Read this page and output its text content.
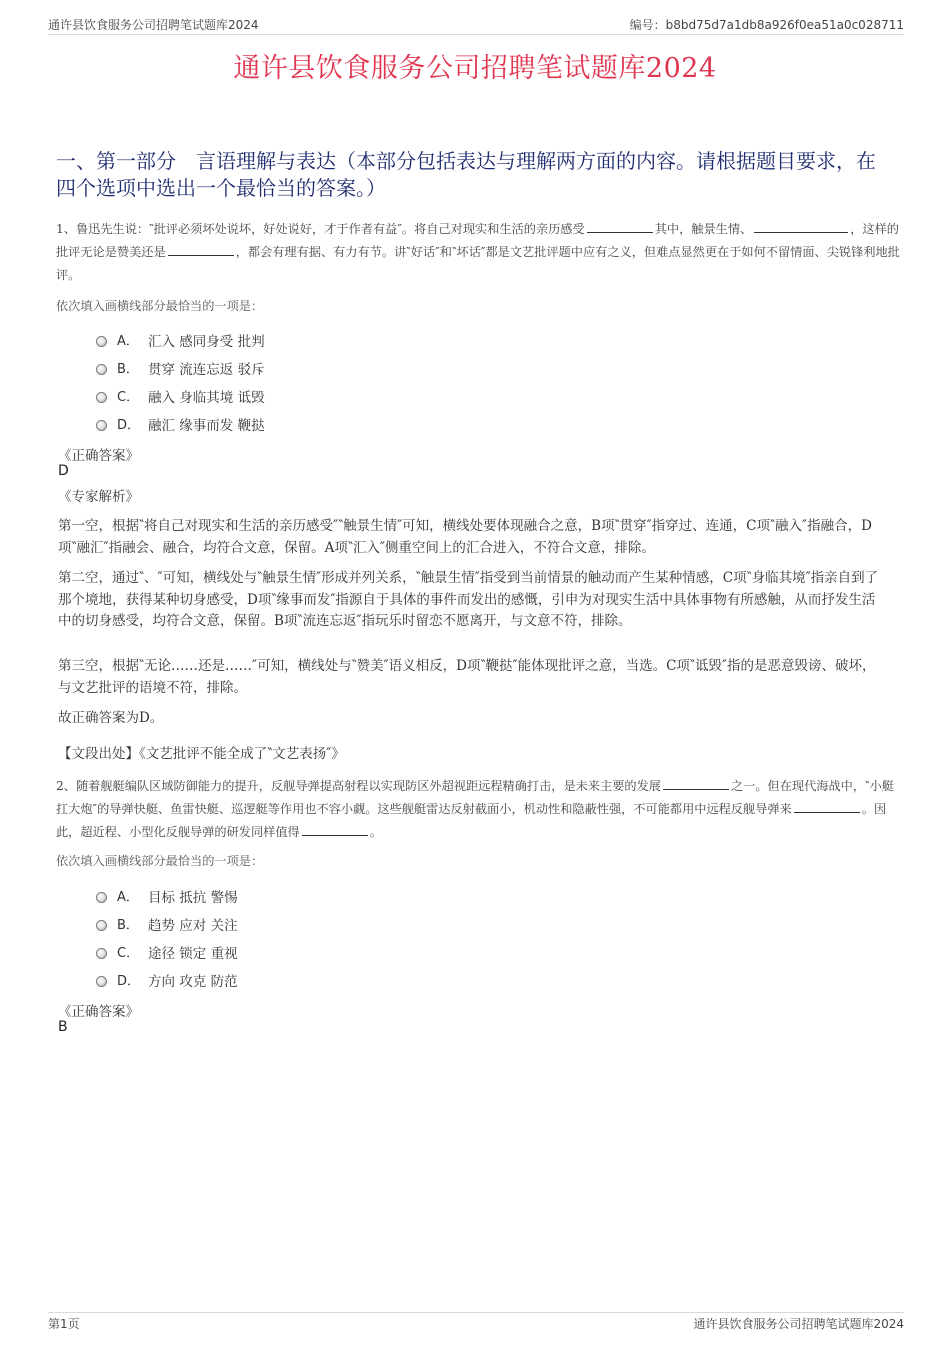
通许县饮食服务公司招聘笔试题库2024	编号：b8bd75d7a1db8a926f0ea51a0c028711
通许县饮食服务公司招聘笔试题库2024
一、第一部分　言语理解与表达（本部分包括表达与理解两方面的内容。请根据题目要求，在四个选项中选出一个最恰当的答案。）
1、鲁迅先生说：‶批评必须坏处说坏，好处说好，才于作者有益″。将自己对现实和生活的亲历感受	其中，触景生情、	，这样的批评无论是赞美还是	，都会有理有据、有力有节。讲‶好话″和‶坏话″都是文艺批评题中应有之义，但难点显然更在于如何不留情面、尖锐锋利地批评。
依次填入画横线部分最恰当的一项是：
A． 汇入 感同身受 批判
B． 贯穿 流连忘返 驳斥
C． 融入 身临其境 诋毁
D． 融汇 缘事而发 鞭挞
《正确答案》
D
《专家解析》
第一空，根据‶将自己对现实和生活的亲历感受″‶触景生情″可知，横线处要体现融合之意，B项‶贯穿″指穿过、连通，C项‶融入″指融合，D项‶融汇″指融会、融合，均符合文意，保留。A项‶汇入″侧重空间上的汇合进入，不符合文意，排除。
第二空，通过‶、″可知，横线处与‶触景生情″形成并列关系，‶触景生情″指受到当前情景的触动而产生某种情感，C项‶身临其境″指亲自到了那个境地，获得某种切身感受，D项‶缘事而发″指源自于具体的事件而发出的感慨，引申为对现实生活中具体事物有所感触，从而抒发生活中的切身感受，均符合文意，保留。B项‶流连忘返″指玩乐时留恋不愿离开，与文意不符，排除。
第三空，根据‶无论……还是……″可知，横线处与‶赞美″语义相反，D项‶鞭挞″能体现批评之意，当选。C项‶诋毁″指的是恶意毁谤、破坏，与文艺批评的语境不符，排除。
故正确答案为D。
【文段出处】《文艺批评不能全成了‶文艺表扬″》
2、随着舰艇编队区域防御能力的提升，反舰导弹提高射程以实现防区外超视距远程精确打击，是未来主要的发展	之一。但在现代海战中，‶小艇扛大炮″的导弹快艇、鱼雷快艇、巡逻艇等作用也不容小觑。这些舰艇雷达反射截面小，机动性和隐蔽性强，不可能都用中远程反舰导弹来	。因此，超近程、小型化反舰导弹的研发同样值得	。
依次填入画横线部分最恰当的一项是：
A． 目标 抵抗 警惕
B． 趋势 应对 关注
C． 途径 锁定 重视
D． 方向 攻克 防范
《正确答案》
B
第1页	通许县饮食服务公司招聘笔试题库2024
